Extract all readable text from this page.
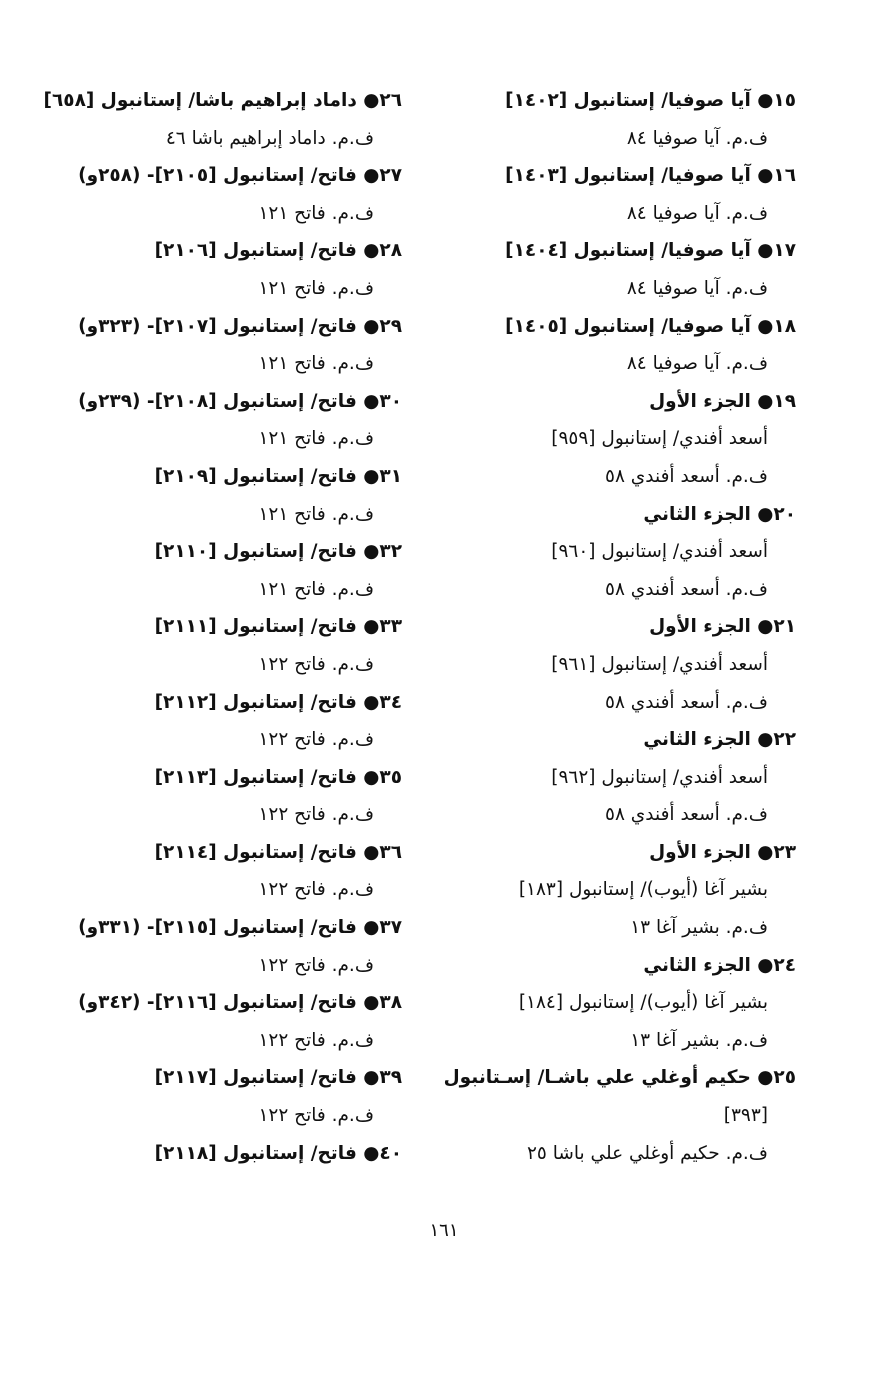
١٥● آيا صوفيا/ إستانبول [١٤٠٢]
ف.م. آيا صوفيا ٨٤
١٦● آيا صوفيا/ إستانبول [١٤٠٣]
ف.م. آيا صوفيا ٨٤
١٧● آيا صوفيا/ إستانبول [١٤٠٤]
ف.م. آيا صوفيا ٨٤
١٨● آيا صوفيا/ إستانبول [١٤٠٥]
ف.م. آيا صوفيا ٨٤
١٩● الجزء الأول
أسعد أفندي/ إستانبول [٩٥٩]
ف.م. أسعد أفندي ٥٨
٢٠● الجزء الثاني
أسعد أفندي/ إستانبول [٩٦٠]
ف.م. أسعد أفندي ٥٨
٢١● الجزء الأول
أسعد أفندي/ إستانبول [٩٦١]
ف.م. أسعد أفندي ٥٨
٢٢● الجزء الثاني
أسعد أفندي/ إستانبول [٩٦٢]
ف.م. أسعد أفندي ٥٨
٢٣● الجزء الأول
بشير آغا (أيوب)/ إستانبول [١٨٣]
ف.م. بشير آغا ١٣
٢٤● الجزء الثاني
بشير آغا (أيوب)/ إستانبول [١٨٤]
ف.م. بشير آغا ١٣
٢٥● حكيم أوغلي علي باشـا/ إسـتانبول
[٣٩٣]
ف.م. حكيم أوغلي علي باشا ٢٥
٢٦● داماد إبراهيم باشا/ إستانبول [٦٥٨]
ف.م. داماد إبراهيم باشا ٤٦
٢٧● فاتح/ إستانبول [٢١٠٥]- (٢٥٨و)
ف.م. فاتح ١٢١
٢٨● فاتح/ إستانبول [٢١٠٦]
ف.م. فاتح ١٢١
٢٩● فاتح/ إستانبول [٢١٠٧]- (٣٢٣و)
ف.م. فاتح ١٢١
٣٠● فاتح/ إستانبول [٢١٠٨]- (٢٣٩و)
ف.م. فاتح ١٢١
٣١● فاتح/ إستانبول [٢١٠٩]
ف.م. فاتح ١٢١
٣٢● فاتح/ إستانبول [٢١١٠]
ف.م. فاتح ١٢١
٣٣● فاتح/ إستانبول [٢١١١]
ف.م. فاتح ١٢٢
٣٤● فاتح/ إستانبول [٢١١٢]
ف.م. فاتح ١٢٢
٣٥● فاتح/ إستانبول [٢١١٣]
ف.م. فاتح ١٢٢
٣٦● فاتح/ إستانبول [٢١١٤]
ف.م. فاتح ١٢٢
٣٧● فاتح/ إستانبول [٢١١٥]- (٣٣١و)
ف.م. فاتح ١٢٢
٣٨● فاتح/ إستانبول [٢١١٦]- (٣٤٢و)
ف.م. فاتح ١٢٢
٣٩● فاتح/ إستانبول [٢١١٧]
ف.م. فاتح ١٢٢
٤٠● فاتح/ إستانبول [٢١١٨]
١٦١
